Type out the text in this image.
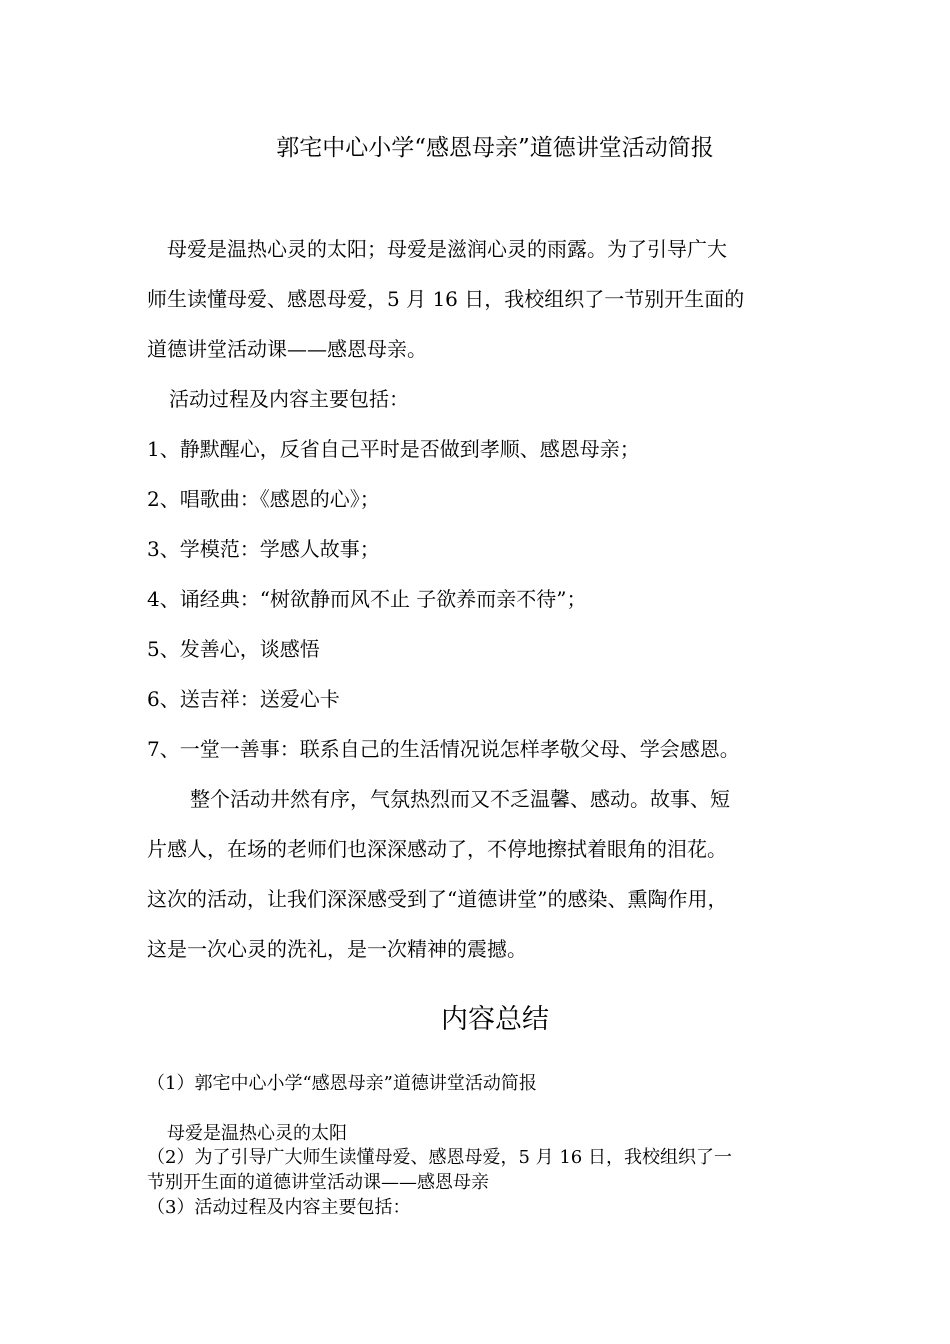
郭宅中心小学“感恩母亲”道德讲堂活动简报
母爱是温热心灵的太阳；母爱是滋润心灵的雨露。为了引导广大
师生读懂母爱、感恩母爱，5 月 16 日，我校组织了一节别开生面的
道德讲堂活动课——感恩母亲。
活动过程及内容主要包括：
1、静默醒心，反省自己平时是否做到孝顺、感恩母亲；
2、唱歌曲：《感恩的心》；
3、学模范：学感人故事；
4、诵经典：“树欲静而风不止 子欲养而亲不待”；
5、发善心，谈感悟
6、送吉祥：送爱心卡
7、一堂一善事：联系自己的生活情况说怎样孝敬父母、学会感恩。
整个活动井然有序，气氛热烈而又不乏温馨、感动。故事、短
片感人，在场的老师们也深深感动了，不停地擦拭着眼角的泪花。
这次的活动，让我们深深感受到了“道德讲堂”的感染、熏陶作用，
这是一次心灵的洗礼，是一次精神的震撼。
内容总结
（1）郭宅中心小学“感恩母亲”道德讲堂活动简报
母爱是温热心灵的太阳
（2）为了引导广大师生读懂母爱、感恩母爱，5 月 16 日，我校组织了一
节别开生面的道德讲堂活动课——感恩母亲
（3）活动过程及内容主要包括：
